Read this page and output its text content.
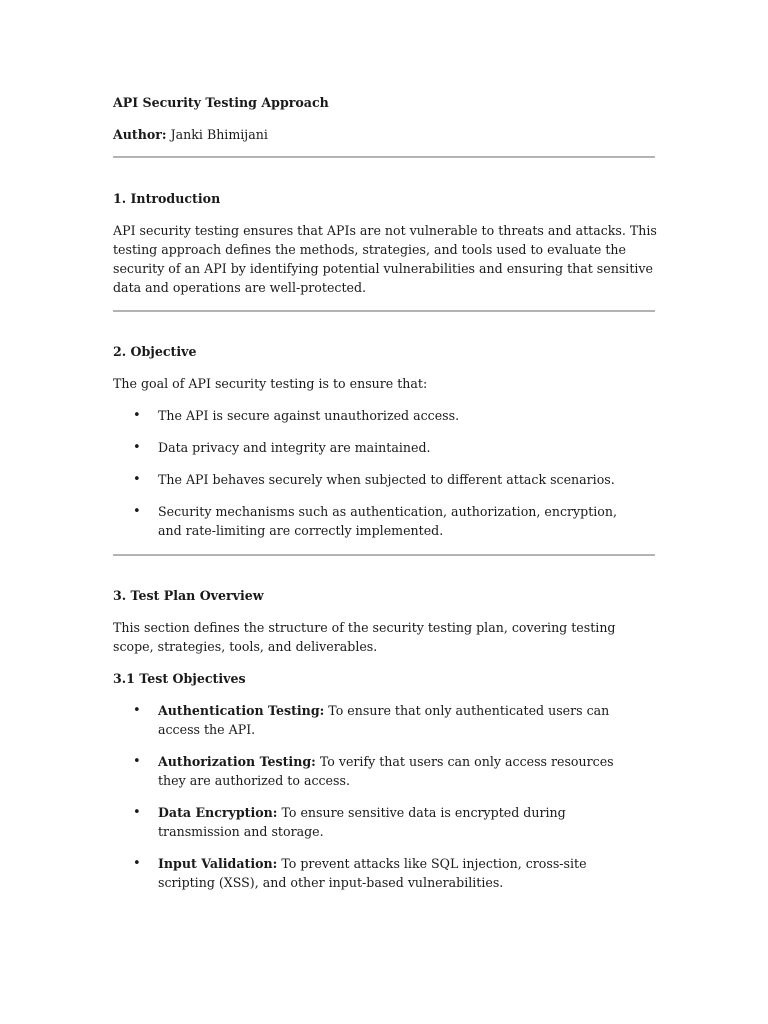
API Security Testing Approach

Author: Janki Bhimijani

1. Introduction

API security testing ensures that APIs are not vulnerable to threats and attacks. This testing approach defines the methods, strategies, and tools used to evaluate the security of an API by identifying potential vulnerabilities and ensuring that sensitive data and operations are well-protected.

2. Objective

The goal of API security testing is to ensure that:

• The API is secure against unauthorized access.
• Data privacy and integrity are maintained.
• The API behaves securely when subjected to different attack scenarios.
• Security mechanisms such as authentication, authorization, encryption, and rate-limiting are correctly implemented.

3. Test Plan Overview

This section defines the structure of the security testing plan, covering testing scope, strategies, tools, and deliverables.

3.1 Test Objectives

• Authentication Testing: To ensure that only authenticated users can access the API.
• Authorization Testing: To verify that users can only access resources they are authorized to access.
• Data Encryption: To ensure sensitive data is encrypted during transmission and storage.
• Input Validation: To prevent attacks like SQL injection, cross-site scripting (XSS), and other input-based vulnerabilities.
